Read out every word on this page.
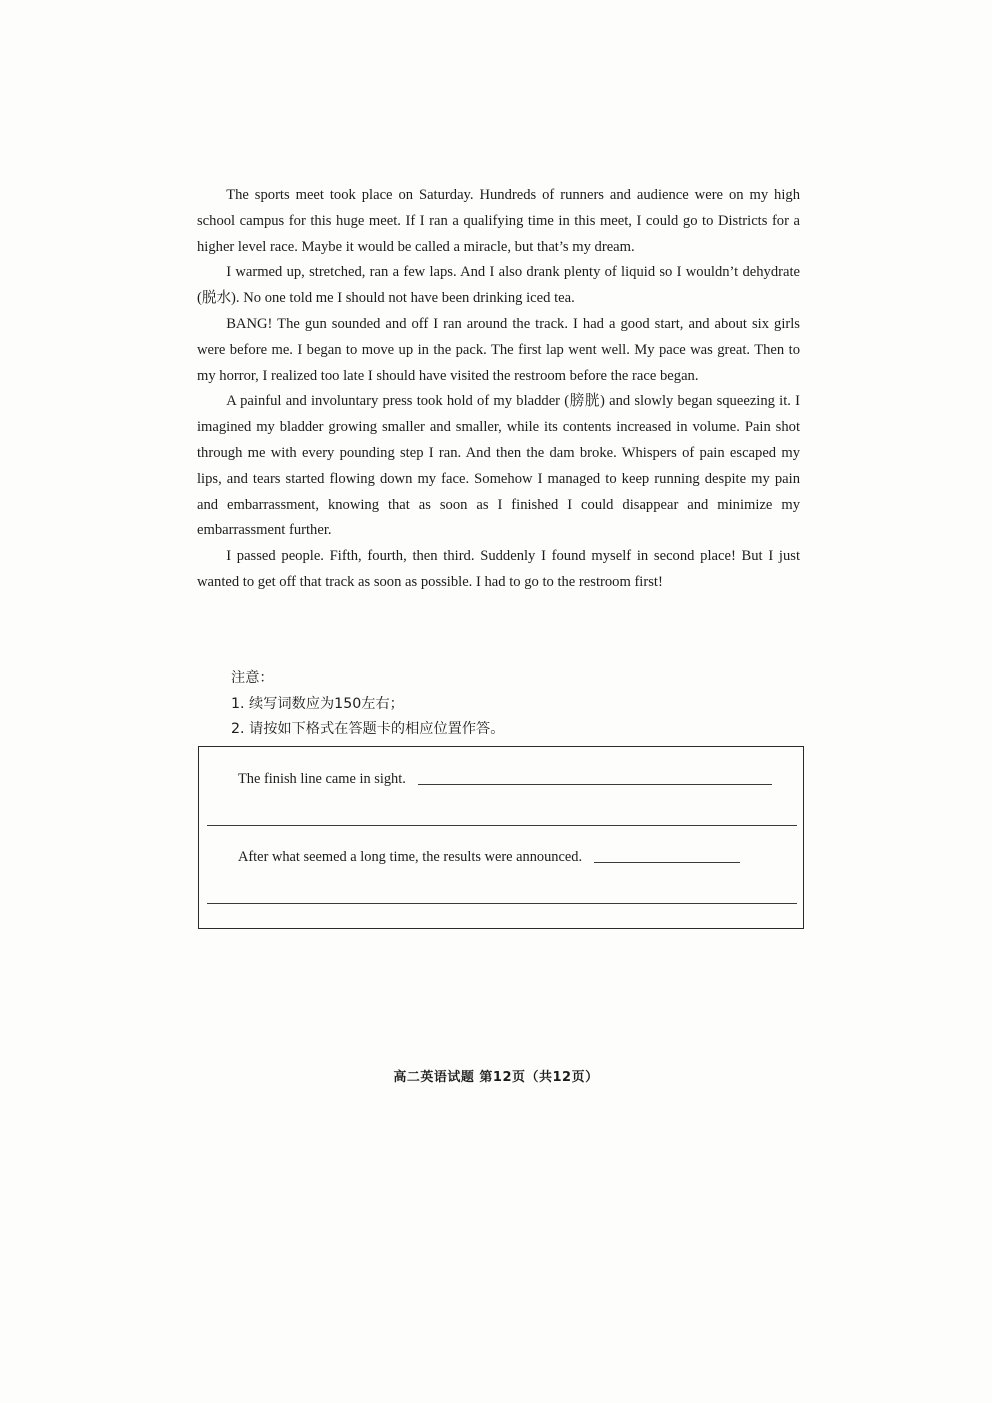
The sports meet took place on Saturday. Hundreds of runners and audience were on my high school campus for this huge meet. If I ran a qualifying time in this meet, I could go to Districts for a higher level race. Maybe it would be called a miracle, but that’s my dream.

I warmed up, stretched, ran a few laps. And I also drank plenty of liquid so I wouldn’t dehydrate (脱水). No one told me I should not have been drinking iced tea.

BANG! The gun sounded and off I ran around the track. I had a good start, and about six girls were before me. I began to move up in the pack. The first lap went well. My pace was great. Then to my horror, I realized too late I should have visited the restroom before the race began.

A painful and involuntary press took hold of my bladder (膀胱) and slowly began squeezing it. I imagined my bladder growing smaller and smaller, while its contents increased in volume. Pain shot through me with every pounding step I ran. And then the dam broke. Whispers of pain escaped my lips, and tears started flowing down my face. Somehow I managed to keep running despite my pain and embarrassment, knowing that as soon as I finished I could disappear and minimize my embarrassment further.

I passed people. Fifth, fourth, then third. Suddenly I found myself in second place! But I just wanted to get off that track as soon as possible. I had to go to the restroom first!

注意：
1. 续写词数应为150左右；
2. 请按如下格式在答题卡的相应位置作答。
The finish line came in sight.
After what seemed a long time, the results were announced.
高二英语试题 第12页（共12页）
